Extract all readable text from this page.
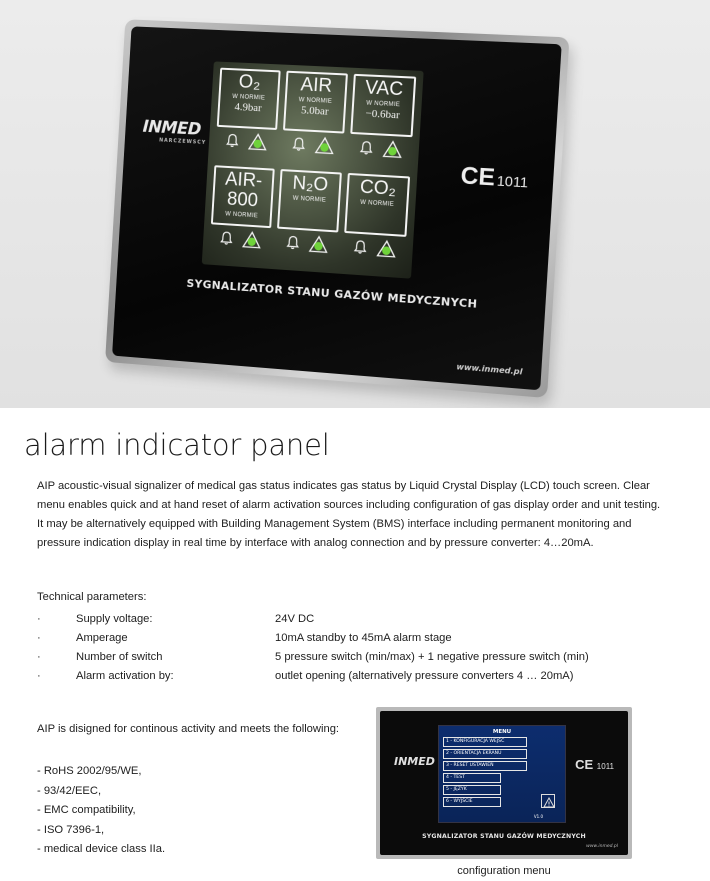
INMED
NARCZEWSCY
CE1011
O₂
W NORMIE
4.9bar
AIR
W NORMIE
5.0bar
VAC
W NORMIE
−0.6bar
AIR-800
W NORMIE
N₂O
W NORMIE	CO₂
W NORMIE
SYGNALIZATOR STANU GAZÓW MEDYCZNYCH
www.inmed.pl
alarm indicator panel

AIP acoustic-visual signalizer of medical gas status indicates gas status by Liquid Crystal Display (LCD) touch screen. Clear menu enables quick and at hand reset of alarm activation sources including configuration of gas display order and unit testing.

It may be alternatively equipped with Building Management System (BMS) interface including permanent monitoring and pressure indication display in real time by interface with analog connection and by pressure converter: 4…20mA.

Technical parameters:
·	Supply voltage:	24V DC
·	Amperage	10mA standby to 45mA alarm stage
·	Number of switch	5 pressure switch (min/max) + 1 negative pressure switch (min)
·	Alarm activation by:	outlet opening (alternatively pressure converters 4 … 20mA)
AIP is disigned for continous activity and meets the following:
- RoHS 2002/95/WE,
- 93/42/EEC,
- EMC compatibility,
- ISO 7396-1,
- medical device class IIa.
INMED	CE 1011
MENU
1 - KONFIGURACJA WEJŚĆ
2 - ORIENTACJA EKRANU
3 - RESET USTAWIEŃ
4 - TEST
5 - JĘZYK
6 - WYJŚCIE
V1.0
SYGNALIZATOR STANU GAZÓW MEDYCZNYCH
www.inmed.pl
configuration menu
